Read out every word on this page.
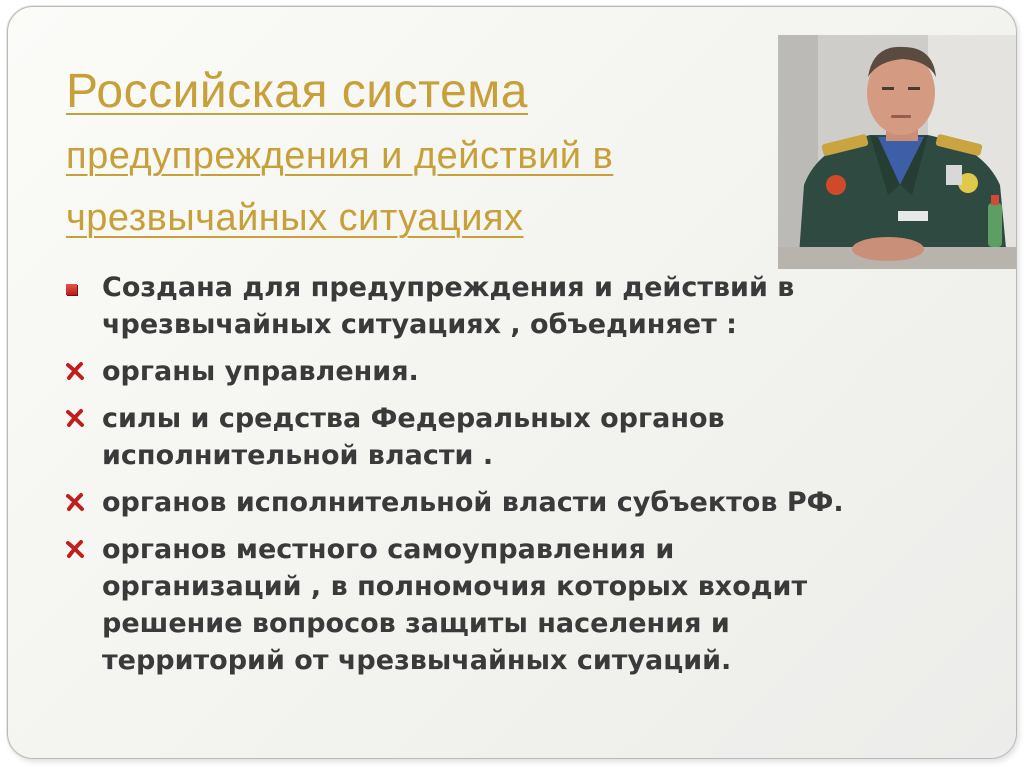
Российская система
предупреждения и действий в
чрезвычайных ситуациях
Создана для предупреждения и действий в
чрезвычайных ситуациях , объединяет :
органы управления.
силы и средства Федеральных органов
исполнительной власти .
органов исполнительной власти субъектов РФ.
органов местного самоуправления и
организаций , в полномочия которых входит
решение вопросов защиты населения и
территорий от чрезвычайных ситуаций.
